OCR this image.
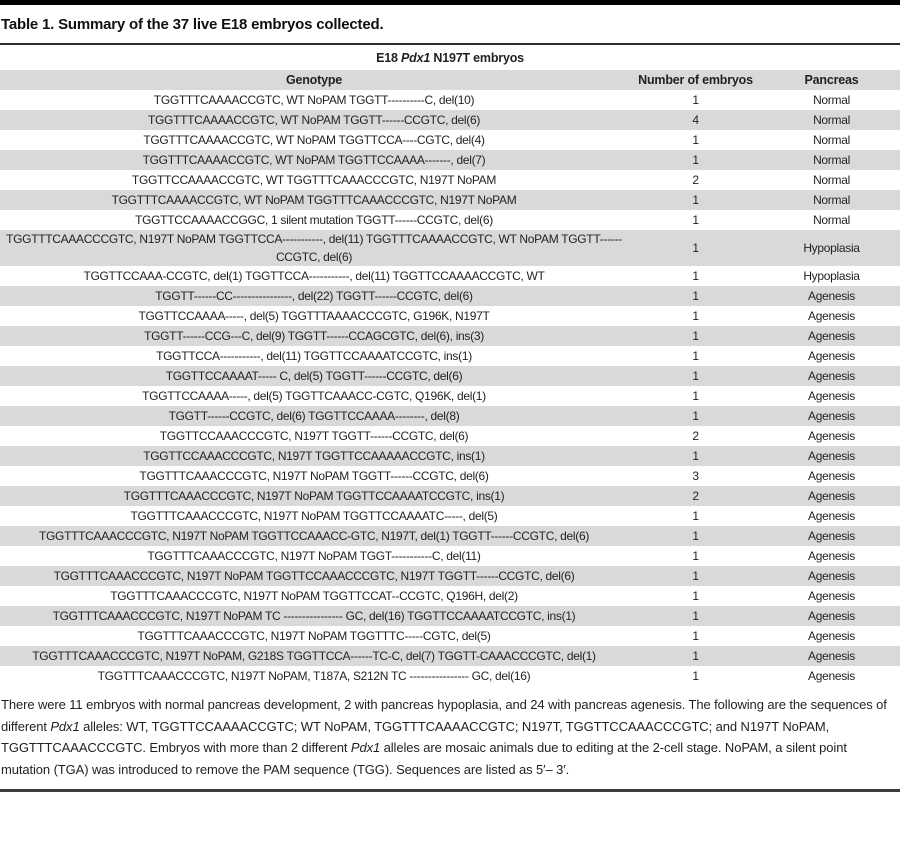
Table 1. Summary of the 37 live E18 embryos collected.
E18 Pdx1 N197T embryos
Genotype	Number of embryos	Pancreas
TGGTTTCAAAACCGTC, WT NoPAM TGGTT----------C, del(10)	1	Normal
TGGTTTCAAAACCGTC, WT NoPAM TGGTT------CCGTC, del(6)	4	Normal
TGGTTTCAAAACCGTC, WT NoPAM TGGTTCCA----CGTC, del(4)	1	Normal
TGGTTTCAAAACCGTC, WT NoPAM TGGTTCCAAAA-------, del(7)	1	Normal
TGGTTCCAAAACCGTC, WT TGGTTTCAAACCCGTC, N197T NoPAM	2	Normal
TGGTTTCAAAACCGTC, WT NoPAM TGGTTTCAAACCCGTC, N197T NoPAM	1	Normal
TGGTTCCAAAACCGGC, 1 silent mutation TGGTT------CCGTC, del(6)	1	Normal
TGGTTTCAAACCCGTC, N197T NoPAM TGGTTCCA-----------, del(11) TGGTTTCAAAACCGTC, WT NoPAM TGGTT------CCGTC, del(6)	1	Hypoplasia
TGGTTCCAAA-CCGTC, del(1) TGGTTCCA-----------, del(11) TGGTTCCAAAACCGTC, WT	1	Hypoplasia
TGGTT------CC----------------, del(22) TGGTT------CCGTC, del(6)	1	Agenesis
TGGTTCCAAAA-----, del(5) TGGTTTAAAACCCGTC, G196K, N197T	1	Agenesis
TGGTT------CCG---C, del(9) TGGTT------CCAGCGTC, del(6), ins(3)	1	Agenesis
TGGTTCCA-----------, del(11) TGGTTCCAAAATCCGTC, ins(1)	1	Agenesis
TGGTTCCAAAAT----- C, del(5) TGGTT------CCGTC, del(6)	1	Agenesis
TGGTTCCAAAA-----, del(5) TGGTTCAAACC-CGTC, Q196K, del(1)	1	Agenesis
TGGTT------CCGTC, del(6) TGGTTCCAAAA--------, del(8)	1	Agenesis
TGGTTCCAAACCCGTC, N197T TGGTT------CCGTC, del(6)	2	Agenesis
TGGTTCCAAACCCGTC, N197T TGGTTCCAAAAACCGTC, ins(1)	1	Agenesis
TGGTTTCAAACCCGTC, N197T NoPAM TGGTT------CCGTC, del(6)	3	Agenesis
TGGTTTCAAACCCGTC, N197T NoPAM TGGTTCCAAAATCCGTC, ins(1)	2	Agenesis
TGGTTTCAAACCCGTC, N197T NoPAM TGGTTCCAAAATC-----, del(5)	1	Agenesis
TGGTTTCAAACCCGTC, N197T NoPAM TGGTTCCAAACC-GTC, N197T, del(1) TGGTT------CCGTC, del(6)	1	Agenesis
TGGTTTCAAACCCGTC, N197T NoPAM TGGT-----------C, del(11)	1	Agenesis
TGGTTTCAAACCCGTC, N197T NoPAM TGGTTCCAAACCCGTC, N197T TGGTT------CCGTC, del(6)	1	Agenesis
TGGTTTCAAACCCGTC, N197T NoPAM TGGTTCCAT--CCGTC, Q196H, del(2)	1	Agenesis
TGGTTTCAAACCCGTC, N197T NoPAM TC ---------------- GC, del(16) TGGTTCCAAAATCCGTC, ins(1)	1	Agenesis
TGGTTTCAAACCCGTC, N197T NoPAM TGGTTTC-----CGTC, del(5)	1	Agenesis
TGGTTTCAAACCCGTC, N197T NoPAM, G218S TGGTTCCA------TC-C, del(7) TGGTT-CAAACCCGTC, del(1)	1	Agenesis
TGGTTTCAAACCCGTC, N197T NoPAM, T187A, S212N TC ---------------- GC, del(16)	1	Agenesis
There were 11 embryos with normal pancreas development, 2 with pancreas hypoplasia, and 24 with pancreas agenesis. The following are the sequences of different Pdx1 alleles: WT, TGGTTCCAAAACCGTC; WT NoPAM, TGGTTTCAAAACCGTC; N197T, TGGTTCCAAACCCGTC; and N197T NoPAM, TGGTTTCAAACCCGTC. Embryos with more than 2 different Pdx1 alleles are mosaic animals due to editing at the 2-cell stage. NoPAM, a silent point mutation (TGA) was introduced to remove the PAM sequence (TGG). Sequences are listed as 5′– 3′.
